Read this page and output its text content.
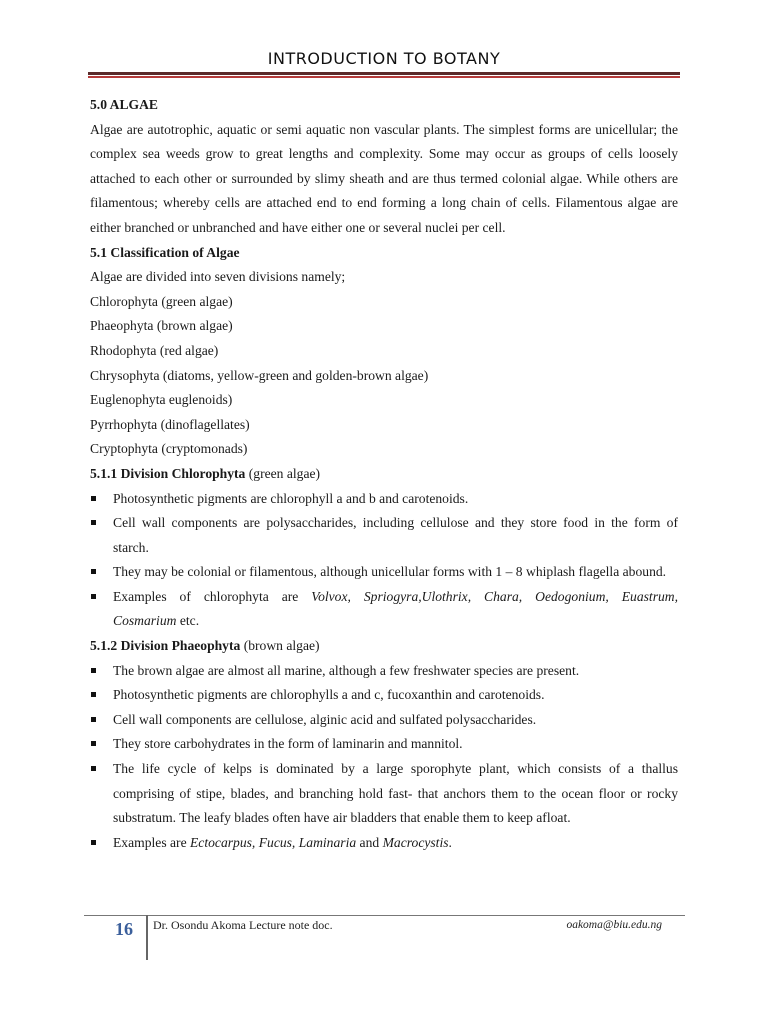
INTRODUCTION TO BOTANY
5.0 ALGAE
Algae are autotrophic, aquatic or semi aquatic non vascular plants. The simplest forms are unicellular; the
complex sea weeds grow to great lengths and complexity. Some may occur as groups of cells loosely
attached to each other or surrounded by slimy sheath and are thus termed colonial algae. While others are
filamentous; whereby cells are attached end to end forming a long chain of cells. Filamentous algae are
either branched or unbranched and have either one or several nuclei per cell.
5.1 Classification of Algae
Algae are divided into seven divisions namely;
Chlorophyta (green algae)
Phaeophyta (brown algae)
Rhodophyta (red algae)
Chrysophyta (diatoms, yellow-green and golden-brown algae)
Euglenophyta euglenoids)
Pyrrhophyta (dinoflagellates)
Cryptophyta (cryptomonads)
5.1.1 Division Chlorophyta (green algae)
Photosynthetic pigments are chlorophyll a and b and carotenoids.
Cell wall components are polysaccharides, including cellulose and they store food in the form of
starch.
They may be colonial or filamentous, although unicellular forms with 1 – 8 whiplash flagella abound.
Examples of chlorophyta are Volvox, Spriogyra,Ulothrix, Chara, Oedogonium, Euastrum,
Cosmarium etc.
5.1.2 Division Phaeophyta (brown algae)
The brown algae are almost all marine, although a few freshwater species are present.
Photosynthetic pigments are chlorophylls a and c, fucoxanthin and carotenoids.
Cell wall components are cellulose, alginic acid and sulfated polysaccharides.
They store carbohydrates in the form of laminarin and mannitol.
The life cycle of kelps is dominated by a large sporophyte plant, which consists of a thallus
comprising of stipe, blades, and branching hold fast- that anchors them to the ocean floor or rocky
substratum. The leafy blades often have air bladders that enable them to keep afloat.
Examples are Ectocarpus, Fucus, Laminaria and Macrocystis.
16	Dr. Osondu Akoma Lecture note doc.	oakoma@biu.edu.ng
